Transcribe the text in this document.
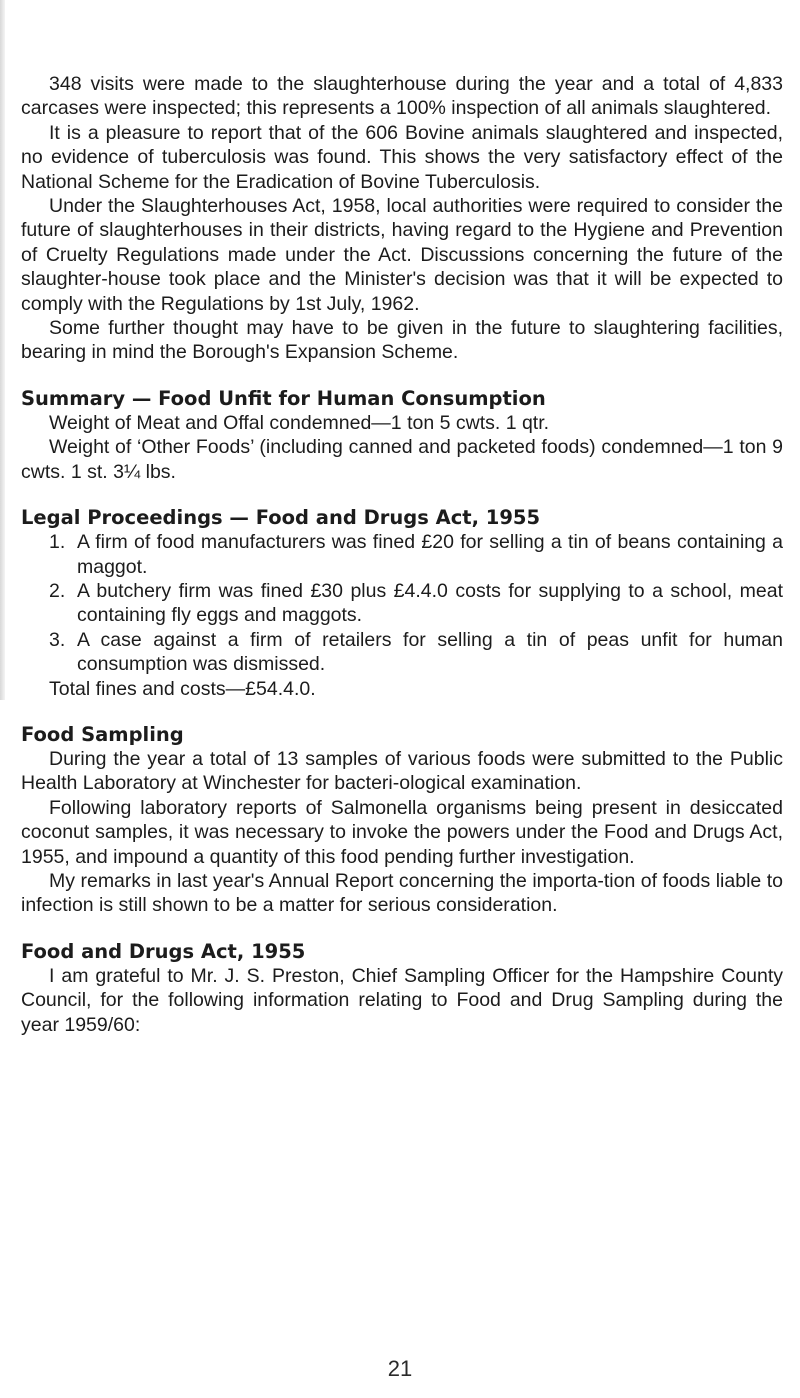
348 visits were made to the slaughterhouse during the year and a total of 4,833 carcases were inspected; this represents a 100% inspection of all animals slaughtered.

It is a pleasure to report that of the 606 Bovine animals slaughtered and inspected, no evidence of tuberculosis was found. This shows the very satisfactory effect of the National Scheme for the Eradication of Bovine Tuberculosis.

Under the Slaughterhouses Act, 1958, local authorities were required to consider the future of slaughterhouses in their districts, having regard to the Hygiene and Prevention of Cruelty Regulations made under the Act. Discussions concerning the future of the slaughter-house took place and the Minister's decision was that it will be expected to comply with the Regulations by 1st July, 1962.

Some further thought may have to be given in the future to slaughtering facilities, bearing in mind the Borough's Expansion Scheme.

Summary — Food Unfit for Human Consumption

Weight of Meat and Offal condemned—1 ton 5 cwts. 1 qtr.

Weight of ‘Other Foods’ (including canned and packeted foods) condemned—1 ton 9 cwts. 1 st. 3¼ lbs.

Legal Proceedings — Food and Drugs Act, 1955
1. A firm of food manufacturers was fined £20 for selling a tin of beans containing a maggot.
2. A butchery firm was fined £30 plus £4.4.0 costs for supplying to a school, meat containing fly eggs and maggots.
3. A case against a firm of retailers for selling a tin of peas unfit for human consumption was dismissed.

Total fines and costs—£54.4.0.

Food Sampling

During the year a total of 13 samples of various foods were submitted to the Public Health Laboratory at Winchester for bacteri-ological examination.

Following laboratory reports of Salmonella organisms being present in desiccated coconut samples, it was necessary to invoke the powers under the Food and Drugs Act, 1955, and impound a quantity of this food pending further investigation.

My remarks in last year's Annual Report concerning the importa-tion of foods liable to infection is still shown to be a matter for serious consideration.

Food and Drugs Act, 1955

I am grateful to Mr. J. S. Preston, Chief Sampling Officer for the Hampshire County Council, for the following information relating to Food and Drug Sampling during the year 1959/60:

21
